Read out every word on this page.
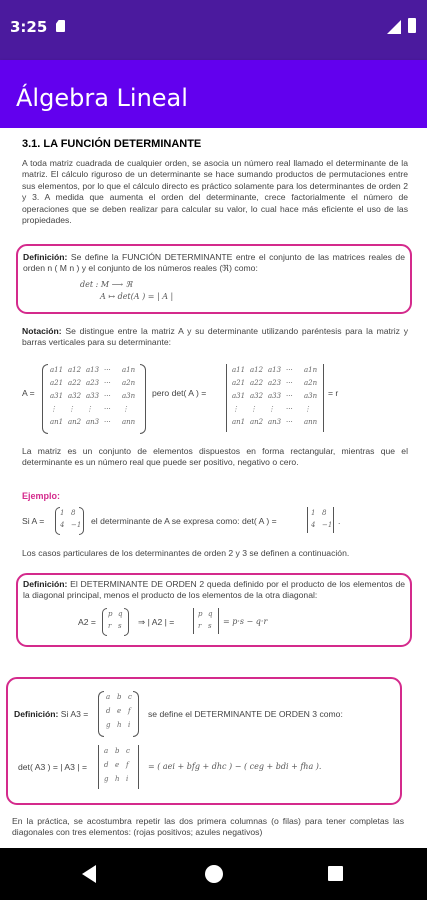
3:25
Álgebra Lineal
3.1. LA FUNCIÓN DETERMINANTE
A toda matriz cuadrada de cualquier orden, se asocia un número real llamado el determinante de la matriz. El cálculo riguroso de un determinante se hace sumando productos de permutaciones entre sus elementos, por lo que el cálculo directo es práctico solamente para los determinantes de orden 2 y 3. A medida que aumenta el orden del determinante, crece factorialmente el número de operaciones que se deben realizar para calcular su valor, lo cual hace más eficiente el uso de las propiedades.
Definición: Se define la FUNCIÓN DETERMINANTE entre el conjunto de las matrices reales de orden n ( M n ) y el conjunto de los números reales (ℜ) como:
det : M ⟶ ℜ
A ↦ det(A ) = | A |
Notación: Se distingue entre la matriz A y su determinante utilizando paréntesis para la matriz y barras verticales para su determinante:
A =	pero det( A ) =	= r
a11 a12 a13 ··· a1n
a21 a22 a23 ··· a2n
a31 a32 a33 ··· a3n
⋮ ⋮ ⋮ ··· ⋮
an1 an2 an3 ··· ann
a11 a12 a13 ··· a1n
a21 a22 a23 ··· a2n
a31 a32 a33 ··· a3n
⋮ ⋮ ⋮ ··· ⋮
an1 an2 an3 ··· ann
La matriz es un conjunto de elementos dispuestos en forma rectangular, mientras que el determinante es un número real que puede ser positivo, negativo o cero.
Ejemplo:
Si A =	el determinante de A se expresa como: det( A ) =	.
1 8
4 −1
1 8
4 −1
Los casos particulares de los determinantes de orden 2 y 3 se definen a continuación.
Definición: El DETERMINANTE DE ORDEN 2 queda definido por el producto de los elementos de la diagonal principal, menos el producto de los elementos de la otra diagonal:
A2 =	⇒ | A2 | =	= p·s − q·r
p q
r s
p q
r s
Definición: Si A3 =	se define el DETERMINANTE DE ORDEN 3 como:
det( A3 ) = | A3 | =	= ( aei + bfg + dhc ) − ( ceg + bdi + fha ).
a b c
d e f
g h i
a b c
d e f
g h i
En la práctica, se acostumbra repetir las dos primera columnas (o filas) para tener completas las diagonales con tres elementos: (rojas positivos; azules negativos)
